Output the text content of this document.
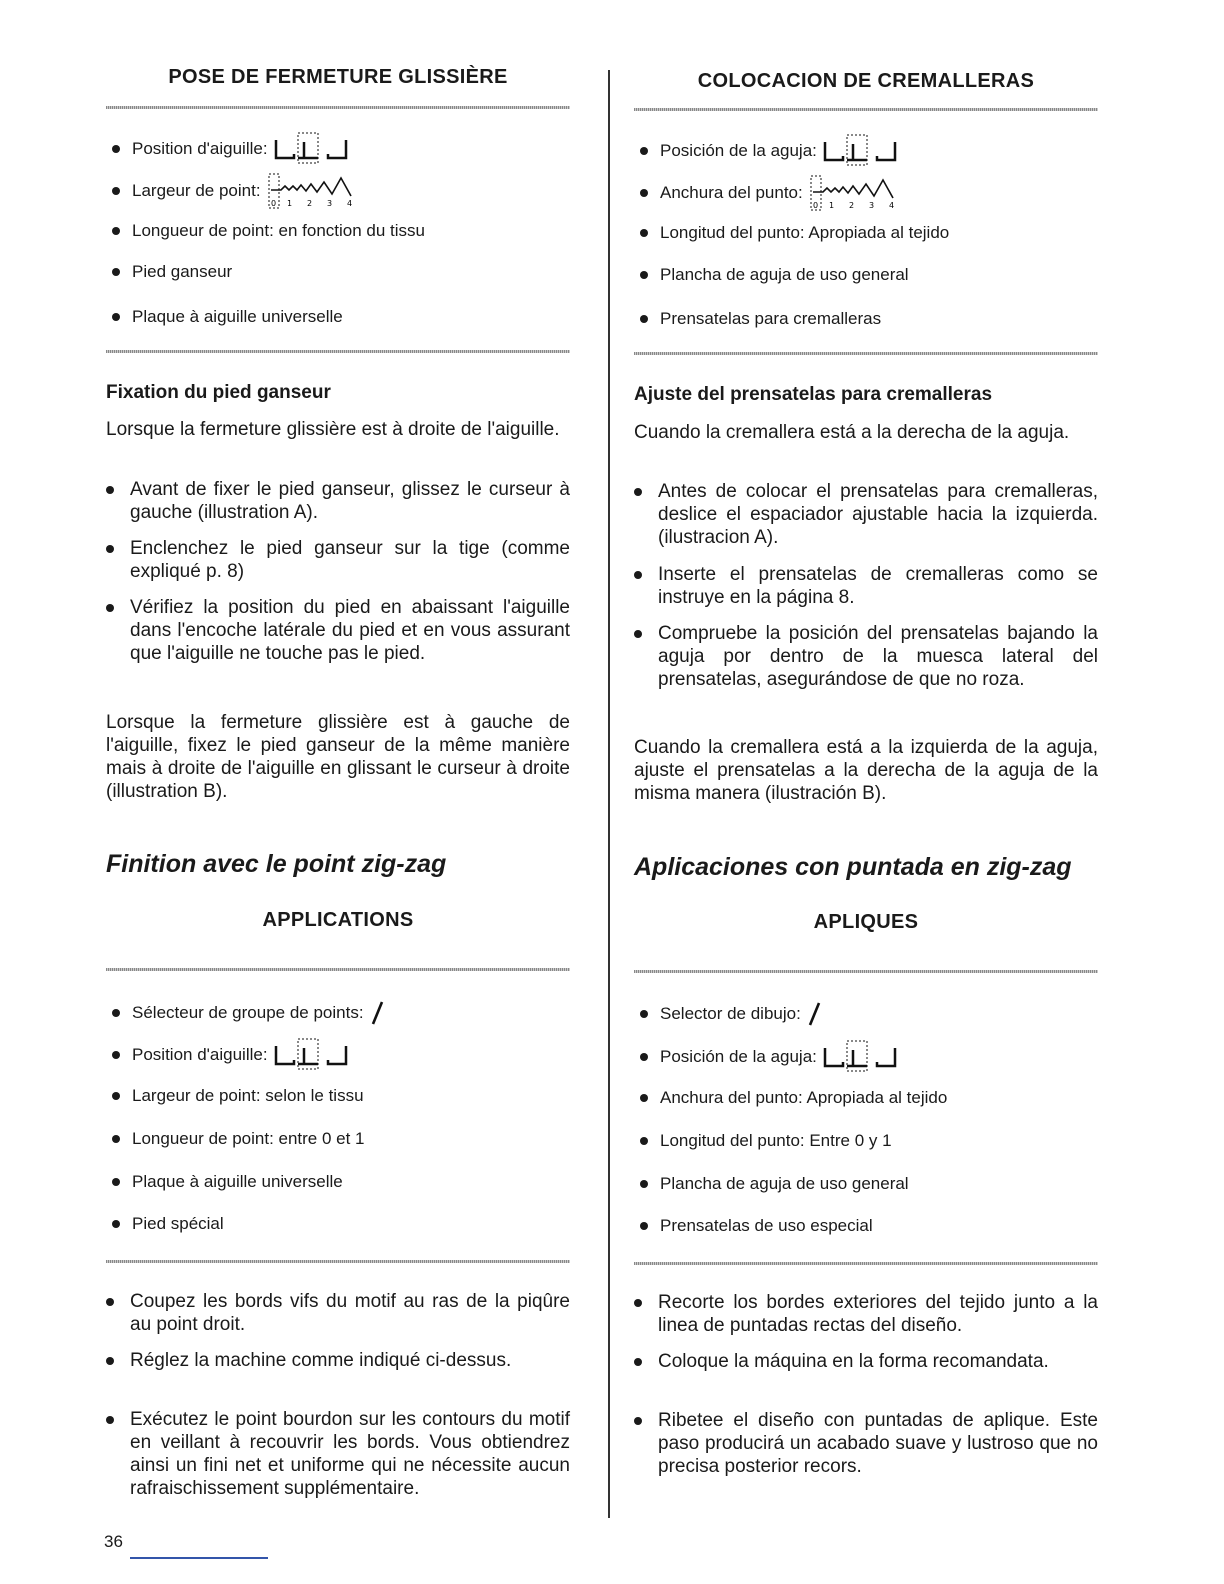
POSE DE FERMETURE GLISSIÈRE
Position d'aiguille:
Largeur de point:
0 1 2 3 4
Longueur de point: en fonction du tissu
Pied ganseur
Plaque à aiguille universelle
Fixation du pied ganseur
Lorsque la fermeture glissière est à droite de l'aiguille.
Avant de fixer le pied ganseur, glissez le curseur à gauche (illustration A).
Enclenchez le pied ganseur sur la tige (comme expliqué p. 8)
Vérifiez la position du pied en abaissant l'aiguille dans l'encoche latérale du pied et en vous assurant que l'aiguille ne touche pas le pied.
Lorsque la fermeture glissière est à gauche de l'aiguille, fixez le pied ganseur de la même manière mais à droite de l'aiguille en glissant le curseur à droite (illustration B).
Finition avec le point zig-zag
APPLICATIONS
Sélecteur de groupe de points:
Position d'aiguille:
Largeur de point: selon le tissu
Longueur de point: entre 0 et 1
Plaque à aiguille universelle
Pied spécial
Coupez les bords vifs du motif au ras de la piqûre au point droit.
Réglez la machine comme indiqué ci-dessus.
Exécutez le point bourdon sur les contours du motif en veillant à recouvrir les bords. Vous obtiendrez ainsi un fini net et uniforme qui ne nécessite aucun rafraischissement supplémentaire.
COLOCACION DE CREMALLERAS
Posición de la aguja:
Anchura del punto:
0 1 2 3 4
Longitud del punto: Apropiada al tejido
Plancha de aguja de uso general
Prensatelas para cremalleras
Ajuste del prensatelas para cremalleras
Cuando la cremallera está a la derecha de la aguja.
Antes de colocar el prensatelas para cremalleras, deslice el espaciador ajustable hacia la izquierda. (ilustracion A).
Inserte el prensatelas de cremalleras como se instruye en la página 8.
Compruebe la posición del prensatelas bajando la aguja por dentro de la muesca lateral del prensatelas, asegurándose de que no roza.
Cuando la cremallera está a la izquierda de la aguja, ajuste el prensatelas a la derecha de la aguja de la misma manera (ilustración B).
Aplicaciones con puntada en zig-zag
APLIQUES
Selector de dibujo:
Posición de la aguja:
Anchura del punto: Apropiada al tejido
Longitud del punto: Entre 0 y 1
Plancha de aguja de uso general
Prensatelas de uso especial
Recorte los bordes exteriores del tejido junto a la linea de puntadas rectas del diseño.
Coloque la máquina en la forma recomandata.
Ribetee el diseño con puntadas de aplique. Este paso producirá un acabado suave y lustroso que no precisa posterior recors.
36
